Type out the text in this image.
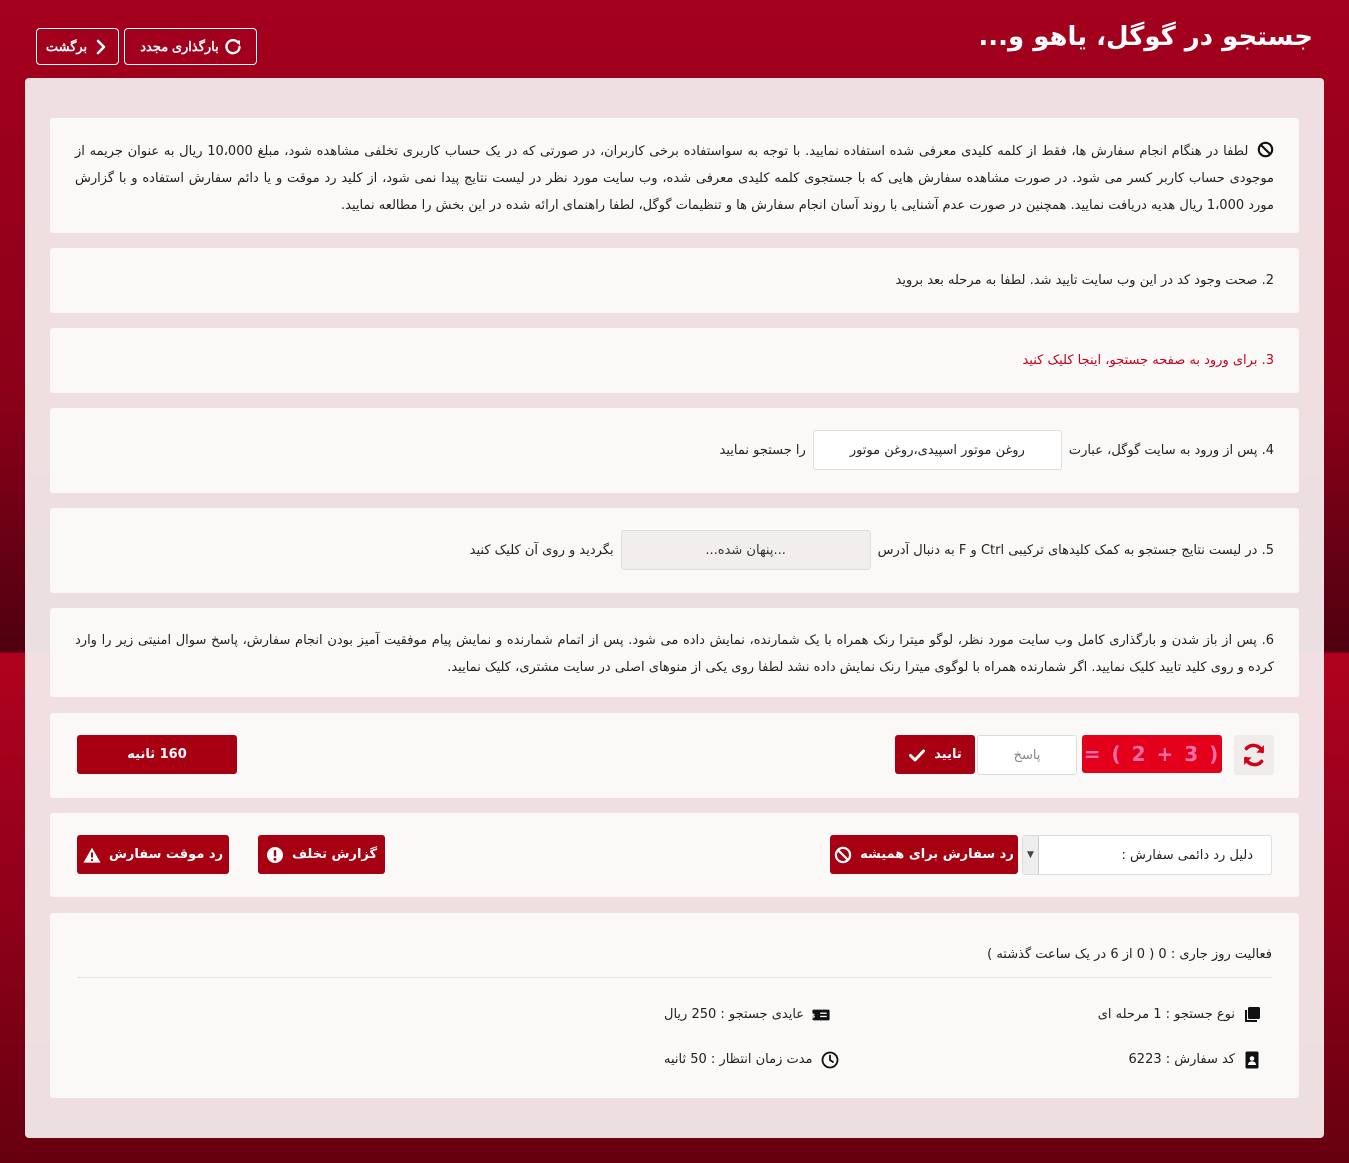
جستجو در گوگل، یاهو و...
بارگذاری مجدد
برگشت
لطفا در هنگام انجام سفارش ها، فقط از کلمه کلیدی معرفی شده استفاده نمایید. با توجه به سواستفاده برخی کاربران، در صورتی که در یک حساب کاربری تخلفی مشاهده شود، مبلغ 10،000 ریال به عنوان جریمه از موجودی حساب کاربر کسر می شود. در صورت مشاهده سفارش هایی که با جستجوی کلمه کلیدی معرفی شده، وب سایت مورد نظر در لیست نتایج پیدا نمی شود، از کلید رد موقت و یا دائم سفارش استفاده و با گزارش مورد 1،000 ریال هدیه دریافت نمایید. همچنین در صورت عدم آشنایی با روند آسان انجام سفارش ها و تنظیمات گوگل، لطفا راهنمای ارائه شده در این بخش را مطالعه نمایید.
2. صحت وجود کد در این وب سایت تایید شد. لطفا به مرحله بعد بروید
3. برای ورود به صفحه جستجو، اینجا کلیک کنید
4. پس از ورود به سایت گوگل، عبارت
روغن موتور اسپیدی،روغن موتور
را جستجو نمایید
5. در لیست نتایج جستجو به کمک کلیدهای ترکیبی Ctrl و F به دنبال آدرس
...پنهان شده...
بگردید و روی آن کلیک کنید
6. پس از باز شدن و بارگذاری کامل وب سایت مورد نظر، لوگو میترا رنک همراه با یک شمارنده، نمایش داده می شود. پس از اتمام شمارنده و نمایش پیام موفقیت آمیز بودن انجام سفارش، پاسخ سوال امنیتی زیر را وارد کرده و روی کلید تایید کلیک نمایید. اگر شمارنده همراه با لوگوی میترا رنک نمایش داده نشد لطفا روی یکی از منوهای اصلی در سایت مشتری، کلیک نمایید.
= ( 2 + 3 )
پاسخ
تایید
160 ثانیه
دلیل رد دائمی سفارش :
▼
رد سفارش برای همیشه
گزارش تخلف
رد موقت سفارش
فعالیت روز جاری : 0 ( 0 از 6 در یک ساعت گذشته )
نوع جستجو : 1 مرحله ای
$
عایدی جستجو : 250 ریال
کد سفارش : 6223
مدت زمان انتظار : 50 ثانیه
